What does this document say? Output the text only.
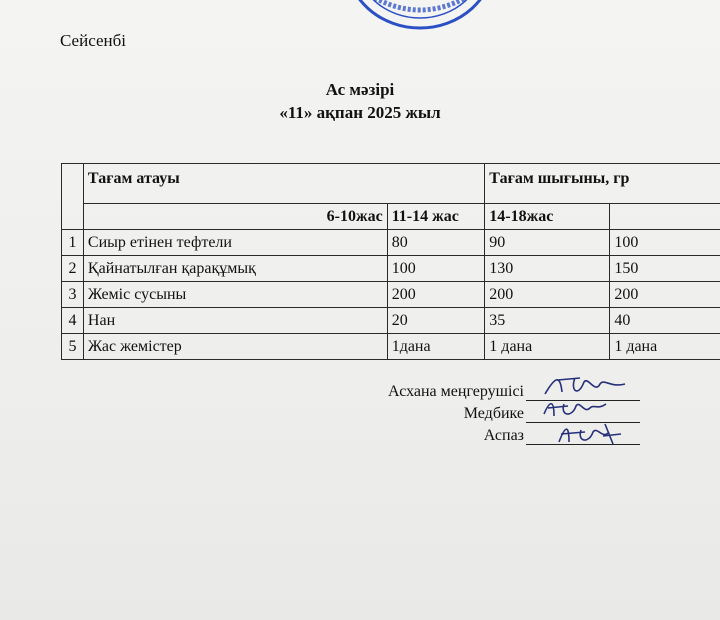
Сейсенбі
Ас мәзірі
«11» ақпан 2025 жыл
	Тағам атауы		Тағам шығыны, гр	
	6-10жас	11-14 жас	14-18жас	
1	Сиыр етінен тефтели	80	90	100
2	Қайнатылған қарақұмық	100	130	150
3	Жеміс сусыны	200	200	200
4	Нан	20	35	40
5	Жас жемістер	1дана	1 дана	1 дана
Асхана меңгерушісі
Медбике
Аспаз
